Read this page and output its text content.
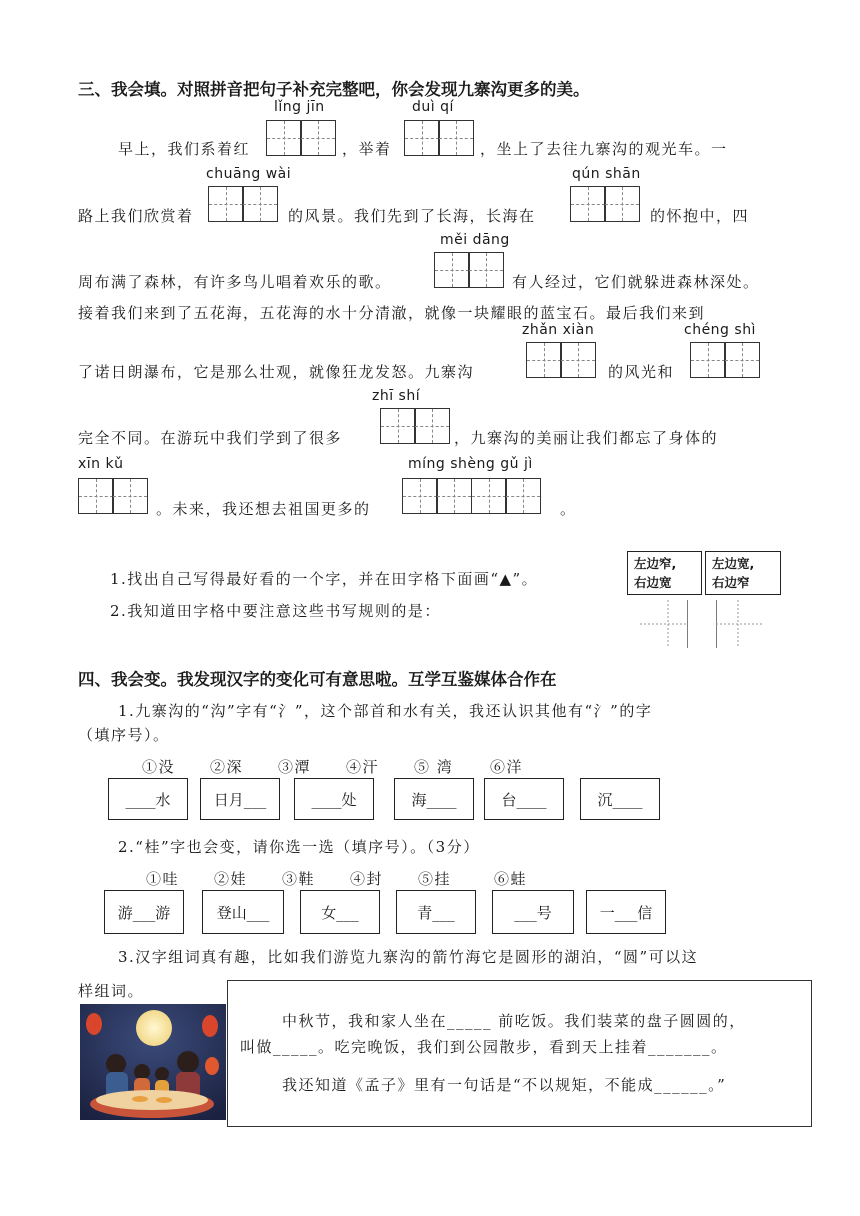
三、我会填。对照拼音把句子补充完整吧，你会发现九寨沟更多的美。
lǐng jīn	duì qí
早上，我们系着红	，举着	，坐上了去往九寨沟的观光车。一
chuāng wài	qún shān
路上我们欣赏着	的风景。我们先到了长海，长海在	的怀抱中，四
měi dāng
周布满了森林，有许多鸟儿唱着欢乐的歌。	有人经过，它们就躲进森林深处。
接着我们来到了五花海，五花海的水十分清澈，就像一块耀眼的蓝宝石。最后我们来到
zhǎn xiàn	chéng shì
了诺日朗瀑布，它是那么壮观，就像狂龙发怒。九寨沟	的风光和
zhī shí
完全不同。在游玩中我们学到了很多	，九寨沟的美丽让我们都忘了身体的
xīn kǔ	míng shèng gǔ jì
。未来，我还想去祖国更多的	。
1.找出自己写得最好看的一个字，并在田字格下面画“▲”。
2.我知道田字格中要注意这些书写规则的是：
左边窄,
右边宽
左边宽,
右边窄
四、我会变。我发现汉字的变化可有意思啦。互学互鉴媒体合作在
1.九寨沟的“沟”字有“氵”，这个部首和水有关，我还认识其他有“氵”的字
（填序号）。
①没 ②深 ③潭 ④汗 ⑤ 湾 ⑥洋
____水	日月___	____处	海____	台____	沉____
2.“桂”字也会变，请你选一选（填序号）。（3分）
①哇 ②娃 ③鞋 ④封 ⑤挂	⑥蛙
游___游	登山___	女___	青___	___号	一___信
3.汉字组词真有趣，比如我们游览九寨沟的箭竹海它是圆形的湖泊，“圆”可以这
样组词。
中秋节，我和家人坐在_____ 前吃饭。我们装菜的盘子圆圆的，
叫做_____。吃完晚饭，我们到公园散步，看到天上挂着_______。
我还知道《孟子》里有一句话是“不以规矩，不能成______。”
